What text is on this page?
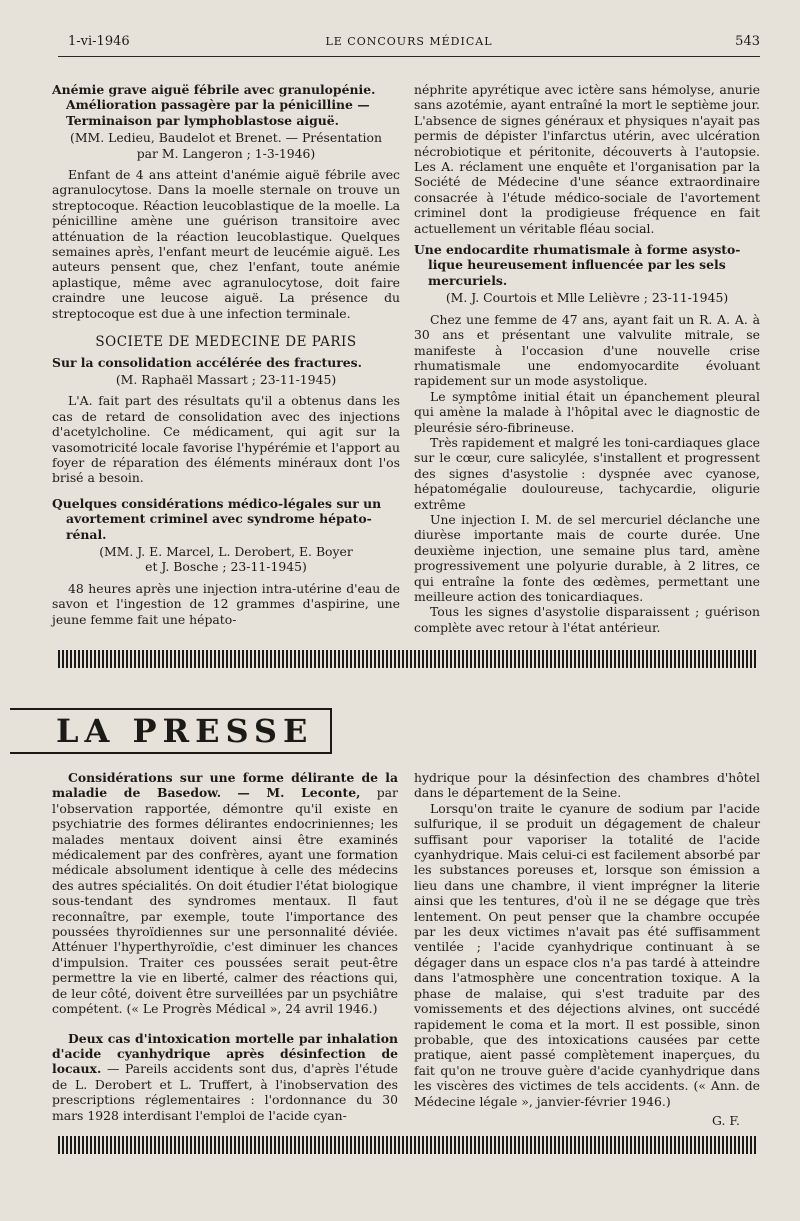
1-vi-1946	LE CONCOURS MÉDICAL	543
Anémie grave aiguë fébrile avec granulopénie.

Amélioration passagère par la pénicilline —
Terminaison par lymphoblastose aiguë.
(MM. Ledieu, Baudelot et Brenet. — Présentation
par M. Langeron ; 1-3-1946)

Enfant de 4 ans atteint d'anémie aiguë fébrile avec agranulocytose. Dans la moelle sternale on trouve un streptocoque. Réaction leucoblastique de la moelle. La pénicilline amène une guérison transitoire avec atténuation de la réaction leucoblastique. Quelques semaines après, l'enfant meurt de leucémie aiguë. Les auteurs pensent que, chez l'enfant, toute anémie aplastique, même avec agranulocytose, doit faire craindre une leucose aiguë. La présence du streptocoque est due à une infection terminale.

SOCIETE DE MEDECINE DE PARIS
Sur la consolidation accélérée des fractures.
(M. Raphaël Massart ; 23-11-1945)

L'A. fait part des résultats qu'il a obtenus dans les cas de retard de consolidation avec des injections d'acetylcholine. Ce médicament, qui agit sur la vasomotricité locale favorise l'hypérémie et l'apport au foyer de réparation des éléments minéraux dont l'os brisé a besoin.

Quelques considérations médico-légales sur un

avortement criminel avec syndrome hépato-
rénal.
(MM. J. E. Marcel, L. Derobert, E. Boyer
et J. Bosche ; 23-11-1945)

48 heures après une injection intra-utérine d'eau de savon et l'ingestion de 12 grammes d'aspirine, une jeune femme fait une hépato-

néphrite apyrétique avec ictère sans hémolyse, anurie sans azotémie, ayant entraîné la mort le septième jour. L'absence de signes généraux et physiques n'ayait pas permis de dépister l'infarctus utérin, avec ulcération nécrobiotique et péritonite, découverts à l'autopsie. Les A. réclament une enquête et l'organisation par la Société de Médecine d'une séance extraordinaire consacrée à l'étude médico-sociale de l'avortement criminel dont la prodigieuse fréquence en fait actuellement un véritable fléau social.

Une endocardite rhumatismale à forme asysto-

lique heureusement influencée par les sels
mercuriels.
(M. J. Courtois et Mlle Lelièvre ; 23-11-1945)

Chez une femme de 47 ans, ayant fait un R. A. A. à 30 ans et présentant une valvulite mitrale, se manifeste à l'occasion d'une nouvelle crise rhumatismale une endomyocardite évoluant rapidement sur un mode asystolique.

Le symptôme initial était un épanchement pleural qui amène la malade à l'hôpital avec le diagnostic de pleurésie séro-fibrineuse.

Très rapidement et malgré les toni-cardiaques glace sur le cœur, cure salicylée, s'installent et progressent des signes d'asystolie : dyspnée avec cyanose, hépatomégalie douloureuse, tachycardie, oligurie extrême

Une injection I. M. de sel mercuriel déclanche une diurèse importante mais de courte durée. Une deuxième injection, une semaine plus tard, amène progressivement une polyurie durable, à 2 litres, ce qui entraîne la fonte des œdèmes, permettant une meilleure action des tonicardiaques.

Tous les signes d'asystolie disparaissent ; guérison complète avec retour à l'état antérieur.

LA PRESSE

Considérations sur une forme délirante de la maladie de Basedow. — M. Leconte, par l'observation rapportée, démontre qu'il existe en psychiatrie des formes délirantes endocriniennes; les malades mentaux doivent ainsi être examinés médicalement par des confrères, ayant une formation médicale absolument identique à celle des médecins des autres spécialités. On doit étudier l'état biologique sous-tendant des syndromes mentaux. Il faut reconnaître, par exemple, toute l'importance des poussées thyroïdiennes sur une personnalité déviée. Atténuer l'hyperthyroïdie, c'est diminuer les chances d'impulsion. Traiter ces poussées serait peut-être permettre la vie en liberté, calmer des réactions qui, de leur côté, doivent être surveillées par un psychiâtre compétent. (« Le Progrès Médical », 24 avril 1946.)

Deux cas d'intoxication mortelle par inhalation d'acide cyanhydrique après désinfection de locaux. — Pareils accidents sont dus, d'après l'étude de L. Derobert et L. Truffert, à l'inobservation des prescriptions réglementaires : l'ordonnance du 30 mars 1928 interdisant l'emploi de l'acide cyan-

hydrique pour la désinfection des chambres d'hôtel dans le département de la Seine.

Lorsqu'on traite le cyanure de sodium par l'acide sulfurique, il se produit un dégagement de chaleur suffisant pour vaporiser la totalité de l'acide cyanhydrique. Mais celui-ci est facilement absorbé par les substances poreuses et, lorsque son émission a lieu dans une chambre, il vient imprégner la literie ainsi que les tentures, d'où il ne se dégage que très lentement. On peut penser que la chambre occupée par les deux victimes n'avait pas été suffisamment ventilée ; l'acide cyanhydrique continuant à se dégager dans un espace clos n'a pas tardé à atteindre dans l'atmosphère une concentration toxique. A la phase de malaise, qui s'est traduite par des vomissements et des déjections alvines, ont succédé rapidement le coma et la mort. Il est possible, sinon probable, que des intoxications causées par cette pratique, aient passé complètement inaperçues, du fait qu'on ne trouve guère d'acide cyanhydrique dans les viscères des victimes de tels accidents. (« Ann. de Médecine légale », janvier-février 1946.)

G. F.
